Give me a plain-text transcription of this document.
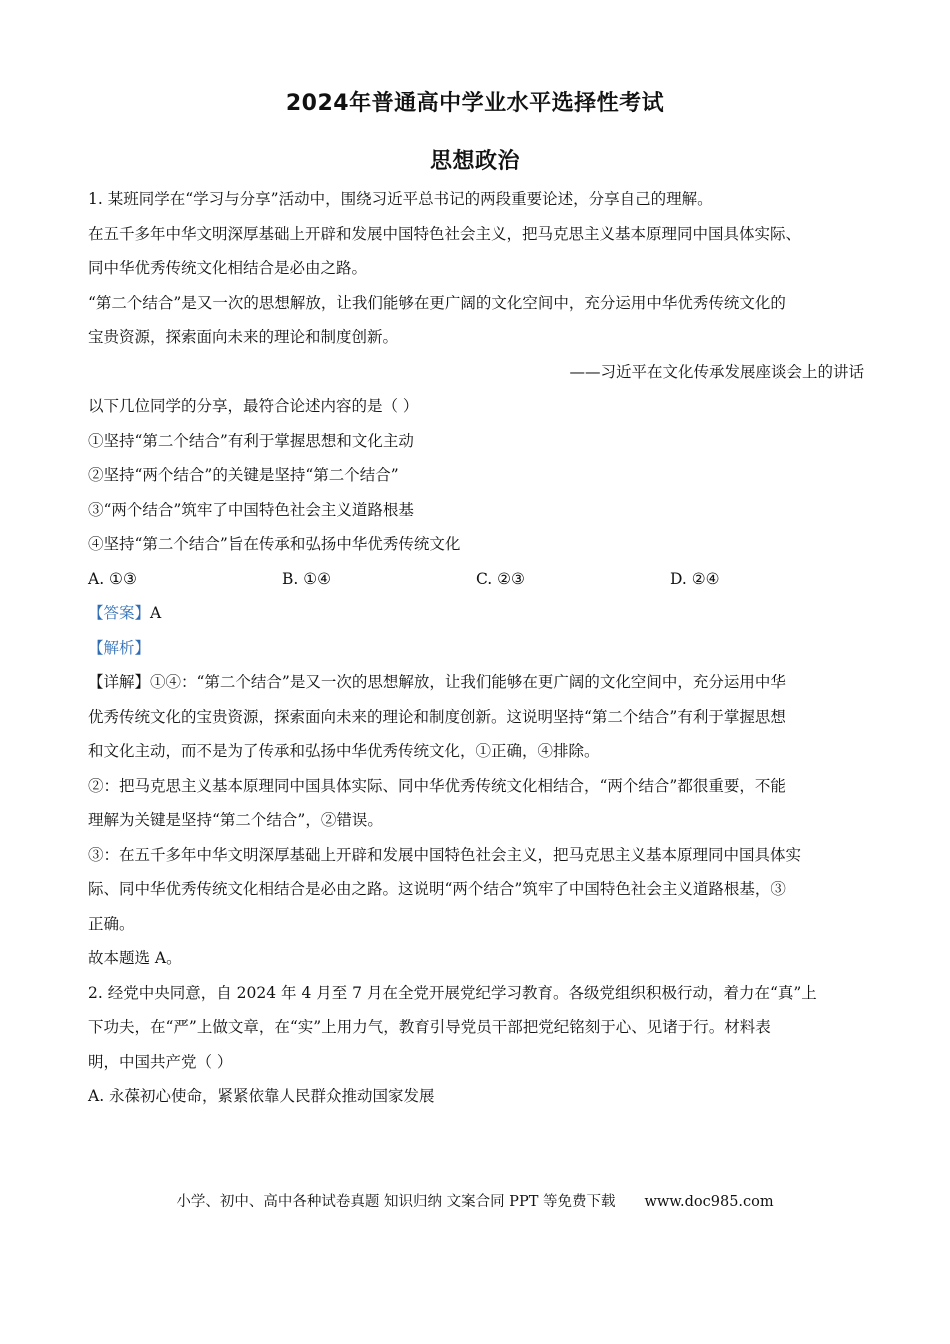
2024年普通高中学业水平选择性考试
思想政治
1. 某班同学在“学习与分享”活动中，围绕习近平总书记的两段重要论述，分享自己的理解。
在五千多年中华文明深厚基础上开辟和发展中国特色社会主义，把马克思主义基本原理同中国具体实际、
同中华优秀传统文化相结合是必由之路。
“第二个结合”是又一次的思想解放，让我们能够在更广阔的文化空间中，充分运用中华优秀传统文化的
宝贵资源，探索面向未来的理论和制度创新。
——习近平在文化传承发展座谈会上的讲话
以下几位同学的分享，最符合论述内容的是（ ）
①坚持“第二个结合”有利于掌握思想和文化主动
②坚持“两个结合”的关键是坚持“第二个结合”
③“两个结合”筑牢了中国特色社会主义道路根基
④坚持“第二个结合”旨在传承和弘扬中华优秀传统文化
A. ①③	B. ①④	C. ②③	D. ②④
【答案】A
【解析】
【详解】①④：“第二个结合”是又一次的思想解放，让我们能够在更广阔的文化空间中，充分运用中华
优秀传统文化的宝贵资源，探索面向未来的理论和制度创新。这说明坚持“第二个结合”有利于掌握思想
和文化主动，而不是为了传承和弘扬中华优秀传统文化，①正确，④排除。
②：把马克思主义基本原理同中国具体实际、同中华优秀传统文化相结合，“两个结合”都很重要，不能
理解为关键是坚持“第二个结合”，②错误。
③：在五千多年中华文明深厚基础上开辟和发展中国特色社会主义，把马克思主义基本原理同中国具体实
际、同中华优秀传统文化相结合是必由之路。这说明“两个结合”筑牢了中国特色社会主义道路根基，③
正确。
故本题选 A。
2. 经党中央同意，自 2024 年 4 月至 7 月在全党开展党纪学习教育。各级党组织积极行动，着力在“真”上
下功夫，在“严”上做文章，在“实”上用力气，教育引导党员干部把党纪铭刻于心、见诸于行。材料表
明，中国共产党（ ）
A. 永葆初心使命，紧紧依靠人民群众推动国家发展
小学、初中、高中各种试卷真题 知识归纳 文案合同 PPT 等免费下载 www.doc985.com
